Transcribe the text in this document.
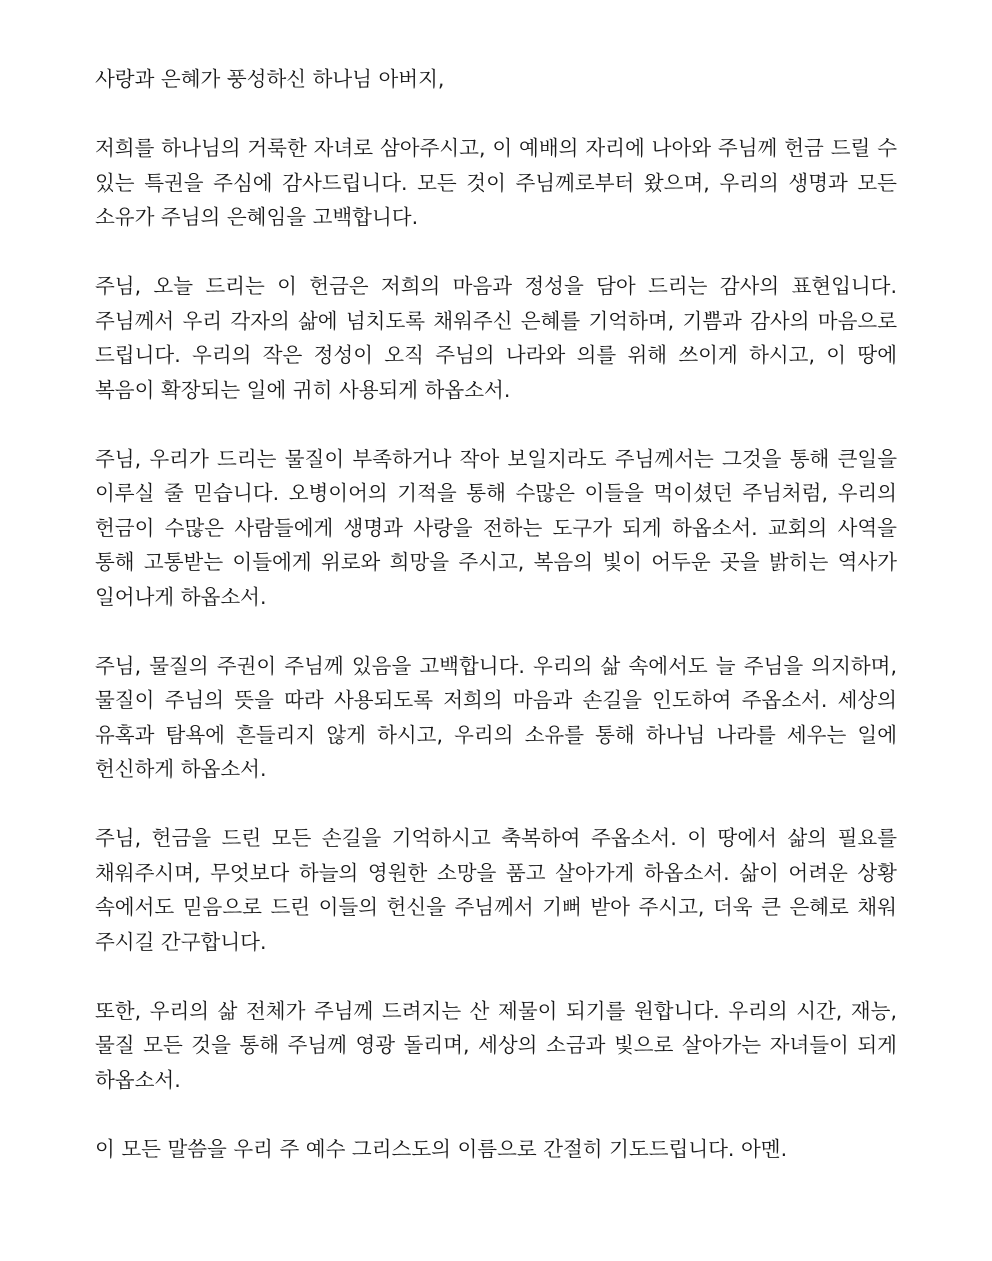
사랑과 은혜가 풍성하신 하나님 아버지,

저희를 하나님의 거룩한 자녀로 삼아주시고, 이 예배의 자리에 나아와 주님께 헌금 드릴 수 있는 특권을 주심에 감사드립니다. 모든 것이 주님께로부터 왔으며, 우리의 생명과 모든 소유가 주님의 은혜임을 고백합니다.

주님, 오늘 드리는 이 헌금은 저희의 마음과 정성을 담아 드리는 감사의 표현입니다. 주님께서 우리 각자의 삶에 넘치도록 채워주신 은혜를 기억하며, 기쁨과 감사의 마음으로 드립니다. 우리의 작은 정성이 오직 주님의 나라와 의를 위해 쓰이게 하시고, 이 땅에 복음이 확장되는 일에 귀히 사용되게 하옵소서.

주님, 우리가 드리는 물질이 부족하거나 작아 보일지라도 주님께서는 그것을 통해 큰일을 이루실 줄 믿습니다. 오병이어의 기적을 통해 수많은 이들을 먹이셨던 주님처럼, 우리의 헌금이 수많은 사람들에게 생명과 사랑을 전하는 도구가 되게 하옵소서. 교회의 사역을 통해 고통받는 이들에게 위로와 희망을 주시고, 복음의 빛이 어두운 곳을 밝히는 역사가 일어나게 하옵소서.

주님, 물질의 주권이 주님께 있음을 고백합니다. 우리의 삶 속에서도 늘 주님을 의지하며, 물질이 주님의 뜻을 따라 사용되도록 저희의 마음과 손길을 인도하여 주옵소서. 세상의 유혹과 탐욕에 흔들리지 않게 하시고, 우리의 소유를 통해 하나님 나라를 세우는 일에 헌신하게 하옵소서.

주님, 헌금을 드린 모든 손길을 기억하시고 축복하여 주옵소서. 이 땅에서 삶의 필요를 채워주시며, 무엇보다 하늘의 영원한 소망을 품고 살아가게 하옵소서. 삶이 어려운 상황 속에서도 믿음으로 드린 이들의 헌신을 주님께서 기뻐 받아 주시고, 더욱 큰 은혜로 채워 주시길 간구합니다.

또한, 우리의 삶 전체가 주님께 드려지는 산 제물이 되기를 원합니다. 우리의 시간, 재능, 물질 모든 것을 통해 주님께 영광 돌리며, 세상의 소금과 빛으로 살아가는 자녀들이 되게 하옵소서.

이 모든 말씀을 우리 주 예수 그리스도의 이름으로 간절히 기도드립니다. 아멘.
